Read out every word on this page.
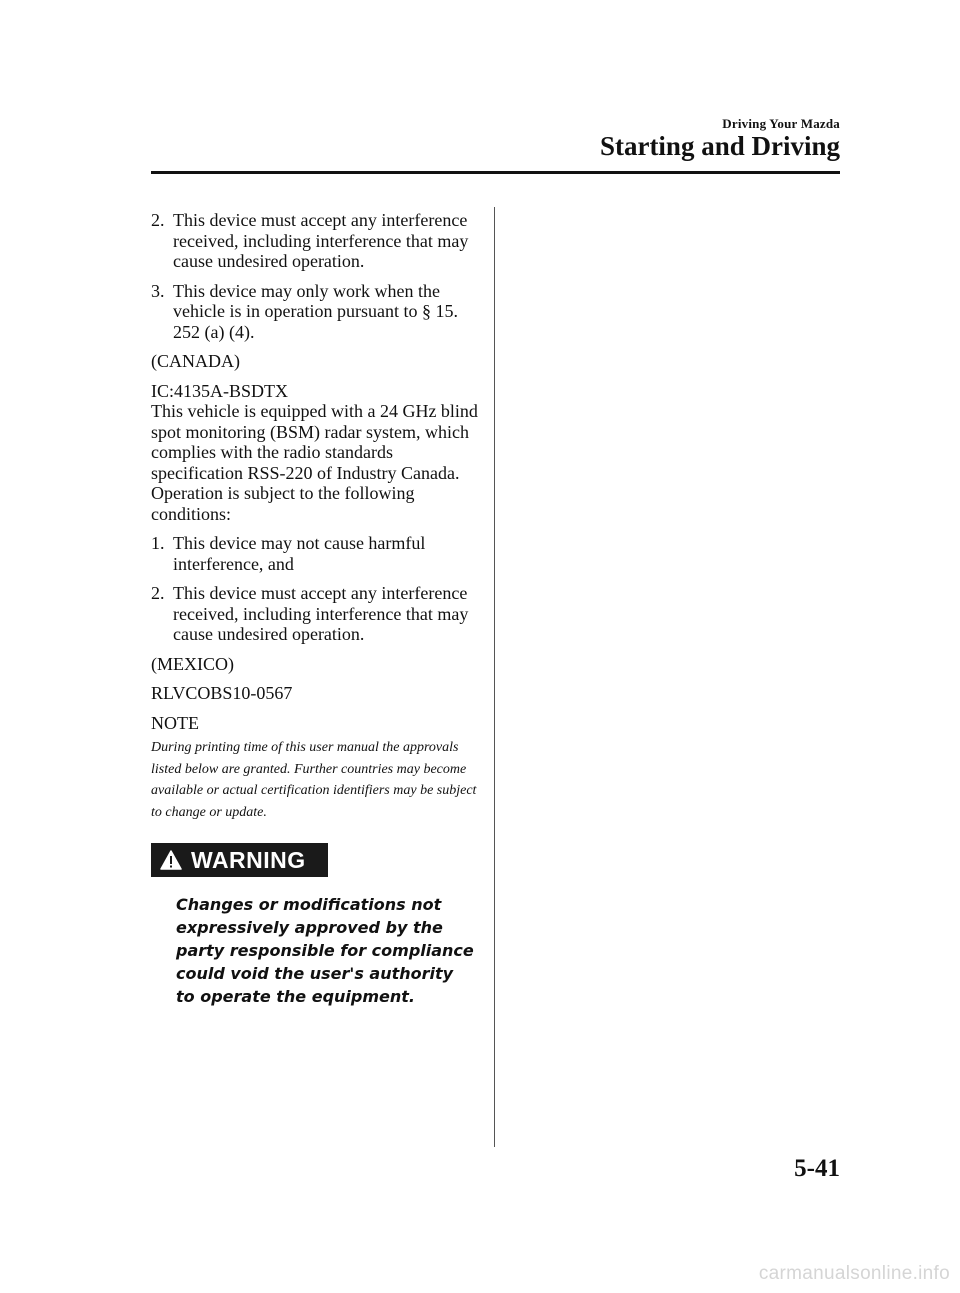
Driving Your Mazda
Starting and Driving
2. This device must accept any interference received, including interference that may cause undesired operation.
3. This device may only work when the vehicle is in operation pursuant to § 15. 252 (a) (4).
(CANADA)
IC:4135A-BSDTX
This vehicle is equipped with a 24 GHz blind spot monitoring (BSM) radar system, which complies with the radio standards specification RSS-220 of Industry Canada. Operation is subject to the following conditions:
1. This device may not cause harmful interference, and
2. This device must accept any interference received, including interference that may cause undesired operation.
(MEXICO)
RLVCOBS10-0567
NOTE
During printing time of this user manual the approvals listed below are granted. Further countries may become available or actual certification identifiers may be subject to change or update.
WARNING
Changes or modifications not expressively approved by the party responsible for compliance could void the user's authority to operate the equipment.
5-41
carmanualsonline.info
